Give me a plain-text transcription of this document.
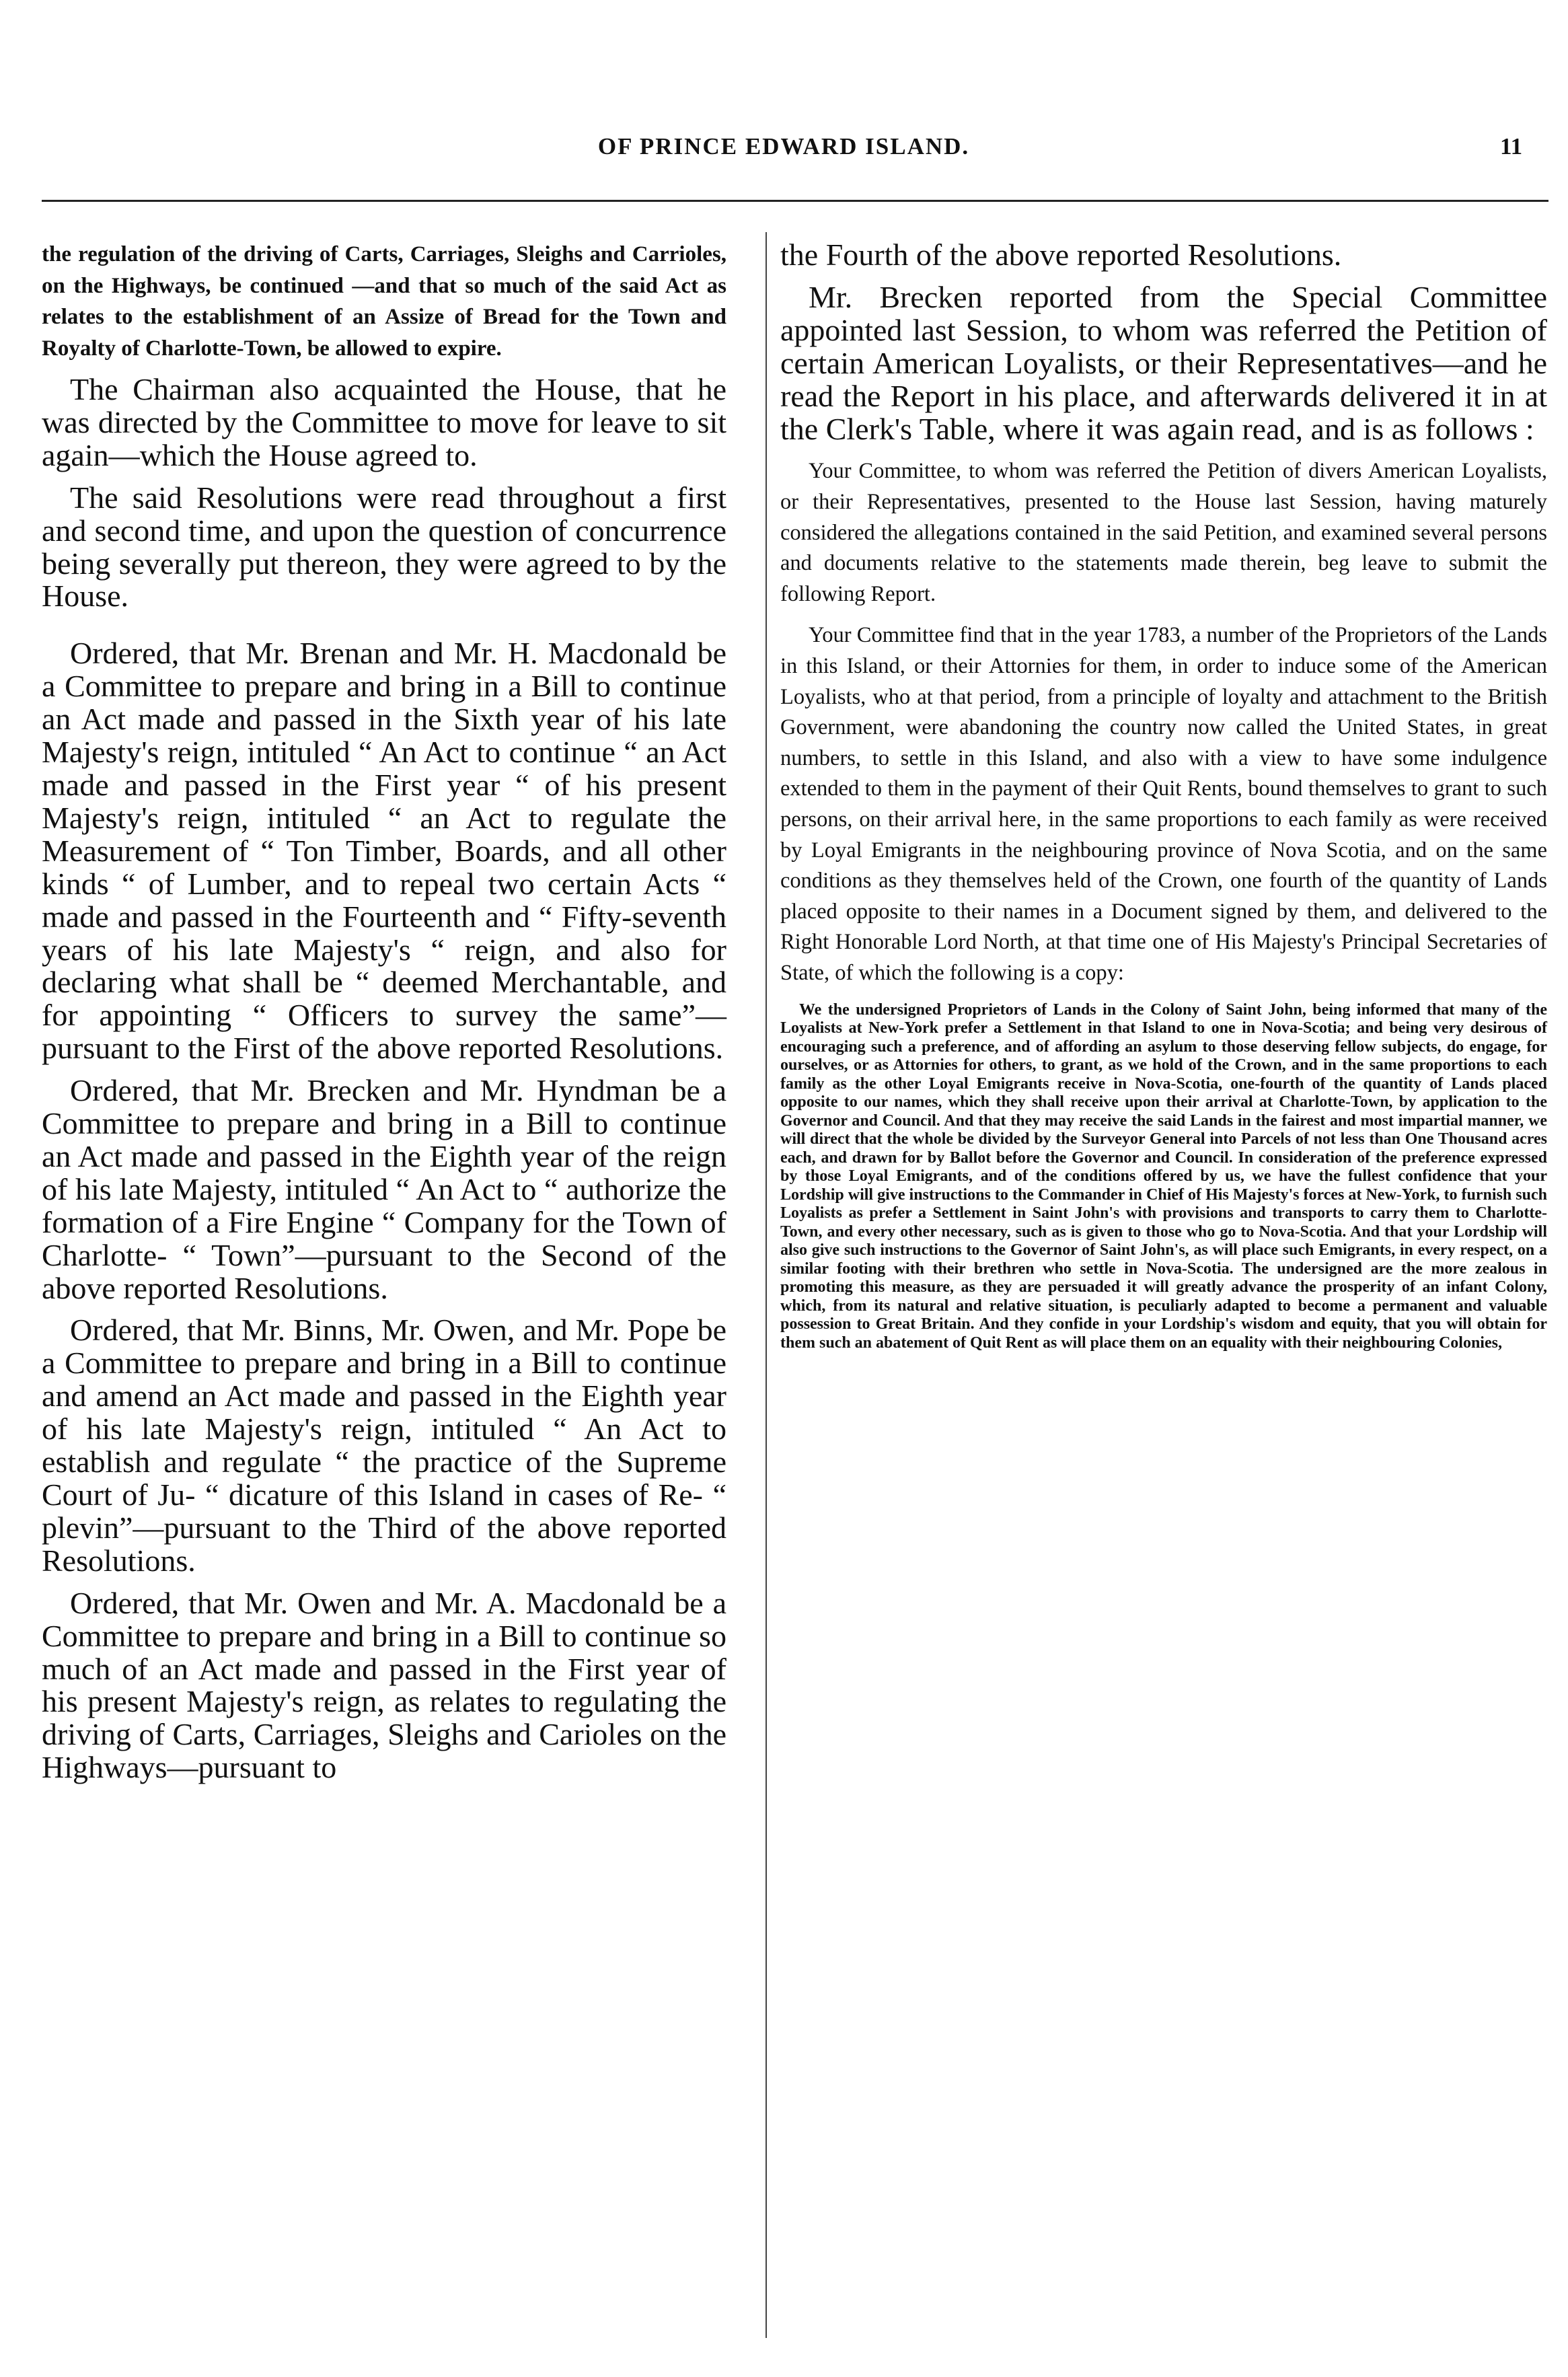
OF PRINCE EDWARD ISLAND.	11

the regulation of the driving of Carts, Carriages, Sleighs and Carrioles, on the Highways, be continued —and that so much of the said Act as relates to the establishment of an Assize of Bread for the Town and Royalty of Charlotte-Town, be allowed to expire.

The Chairman also acquainted the House, that he was directed by the Committee to move for leave to sit again—which the House agreed to.

The said Resolutions were read throughout a first and second time, and upon the question of concurrence being severally put thereon, they were agreed to by the House.

Ordered, that Mr. Brenan and Mr. H. Macdonald be a Committee to prepare and bring in a Bill to continue an Act made and passed in the Sixth year of his late Majesty's reign, intituled “ An Act to continue “ an Act made and passed in the First year “ of his present Majesty's reign, intituled “ an Act to regulate the Measurement of “ Ton Timber, Boards, and all other kinds “ of Lumber, and to repeal two certain Acts “ made and passed in the Fourteenth and “ Fifty-seventh years of his late Majesty's “ reign, and also for declaring what shall be “ deemed Merchantable, and for appointing “ Officers to survey the same”—pursuant to the First of the above reported Resolutions.

Ordered, that Mr. Brecken and Mr. Hyndman be a Committee to prepare and bring in a Bill to continue an Act made and passed in the Eighth year of the reign of his late Majesty, intituled “ An Act to “ authorize the formation of a Fire Engine “ Company for the Town of Charlotte- “ Town”—pursuant to the Second of the above reported Resolutions.

Ordered, that Mr. Binns, Mr. Owen, and Mr. Pope be a Committee to prepare and bring in a Bill to continue and amend an Act made and passed in the Eighth year of his late Majesty's reign, intituled “ An Act to establish and regulate “ the practice of the Supreme Court of Ju- “ dicature of this Island in cases of Re- “ plevin”—pursuant to the Third of the above reported Resolutions.

Ordered, that Mr. Owen and Mr. A. Macdonald be a Committee to prepare and bring in a Bill to continue so much of an Act made and passed in the First year of his present Majesty's reign, as relates to regulating the driving of Carts, Carriages, Sleighs and Carioles on the Highways—pursuant to

the Fourth of the above reported Resolutions.

Mr. Brecken reported from the Special Committee appointed last Session, to whom was referred the Petition of certain American Loyalists, or their Representatives—and he read the Report in his place, and afterwards delivered it in at the Clerk's Table, where it was again read, and is as follows :

Your Committee, to whom was referred the Petition of divers American Loyalists, or their Representatives, presented to the House last Session, having maturely considered the allegations contained in the said Petition, and examined several persons and documents relative to the statements made therein, beg leave to submit the following Report.

Your Committee find that in the year 1783, a number of the Proprietors of the Lands in this Island, or their Attornies for them, in order to induce some of the American Loyalists, who at that period, from a principle of loyalty and attachment to the British Government, were abandoning the country now called the United States, in great numbers, to settle in this Island, and also with a view to have some indulgence extended to them in the payment of their Quit Rents, bound themselves to grant to such persons, on their arrival here, in the same proportions to each family as were received by Loyal Emigrants in the neighbouring province of Nova Scotia, and on the same conditions as they themselves held of the Crown, one fourth of the quantity of Lands placed opposite to their names in a Document signed by them, and delivered to the Right Honorable Lord North, at that time one of His Majesty's Principal Secretaries of State, of which the following is a copy:

We the undersigned Proprietors of Lands in the Colony of Saint John, being informed that many of the Loyalists at New-York prefer a Settlement in that Island to one in Nova-Scotia; and being very desirous of encouraging such a preference, and of affording an asylum to those deserving fellow subjects, do engage, for ourselves, or as Attornies for others, to grant, as we hold of the Crown, and in the same proportions to each family as the other Loyal Emigrants receive in Nova-Scotia, one-fourth of the quantity of Lands placed opposite to our names, which they shall receive upon their arrival at Charlotte-Town, by application to the Governor and Council. And that they may receive the said Lands in the fairest and most impartial manner, we will direct that the whole be divided by the Surveyor General into Parcels of not less than One Thousand acres each, and drawn for by Ballot before the Governor and Council. In consideration of the preference expressed by those Loyal Emigrants, and of the conditions offered by us, we have the fullest confidence that your Lordship will give instructions to the Commander in Chief of His Majesty's forces at New-York, to furnish such Loyalists as prefer a Settlement in Saint John's with provisions and transports to carry them to Charlotte-Town, and every other necessary, such as is given to those who go to Nova-Scotia. And that your Lordship will also give such instructions to the Governor of Saint John's, as will place such Emigrants, in every respect, on a similar footing with their brethren who settle in Nova-Scotia. The undersigned are the more zealous in promoting this measure, as they are persuaded it will greatly advance the prosperity of an infant Colony, which, from its natural and relative situation, is peculiarly adapted to become a permanent and valuable possession to Great Britain. And they confide in your Lordship's wisdom and equity, that you will obtain for them such an abatement of Quit Rent as will place them on an equality with their neighbouring Colonies,
